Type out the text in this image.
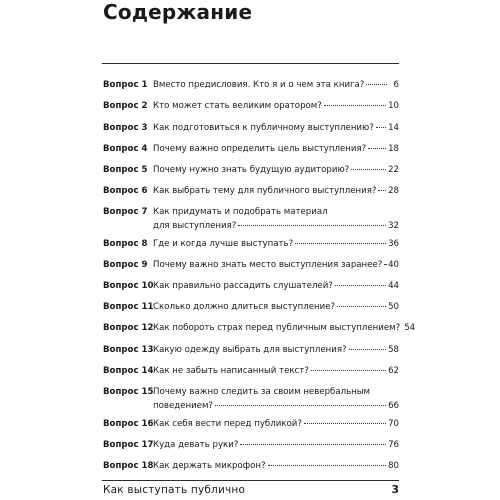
Содержание
Вопрос 1 Вместо предисловия. Кто я и о чем эта книга?	6
Вопрос 2 Кто может стать великим оратором?	10
Вопрос 3 Как подготовиться к публичному выступлению? 14
Вопрос 4 Почему важно определить цель выступления?	18
Вопрос 5 Почему нужно знать будущую аудиторию?	22
Вопрос 6 Как выбрать тему для публичного выступления? 28
Вопрос 7 Как придумать и подобрать материал
для выступления?	32
Вопрос 8 Где и когда лучше выступать?	36
Вопрос 9 Почему важно знать место выступления заранее? 40
Вопрос 10 Как правильно рассадить слушателей?	44
Вопрос 11 Сколько должно длиться выступление?	50
Вопрос 12 Как побороть страх перед публичным выступлением? 54
Вопрос 13 Какую одежду выбрать для выступления?	58
Вопрос 14 Как не забыть написанный текст?	62
Вопрос 15 Почему важно следить за своим невербальным
поведением?	66
Вопрос 16 Как себя вести перед публикой?	70
Вопрос 17 Куда девать руки?	76
Вопрос 18 Как держать микрофон?	80
Как выступать публично	3
